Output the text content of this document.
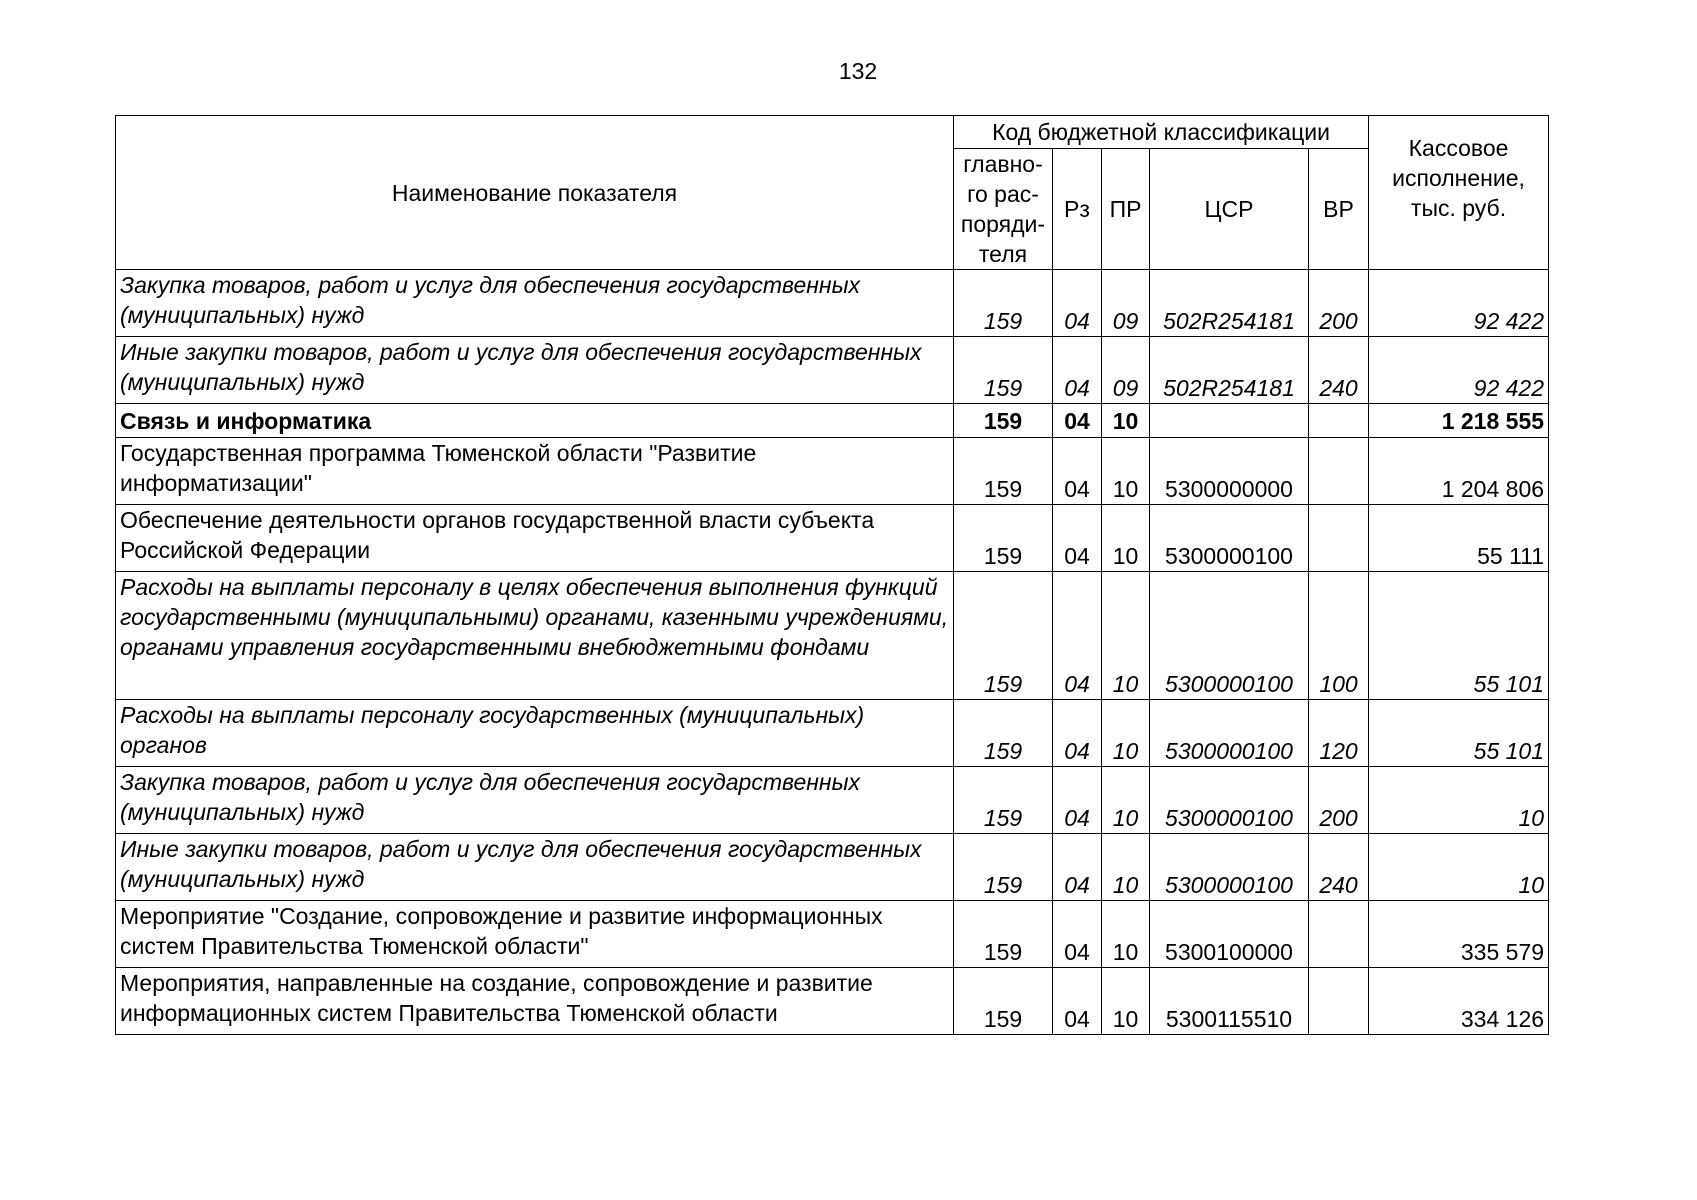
132
Наименование показателя	Код бюджетной классификации					Кассовое исполнение, тыс. руб.
	главно-го рас-поряди-теля	Рз	ПР	ЦСР	ВР	
Закупка товаров, работ и услуг для обеспечения государственных (муниципальных) нужд	159	04	09	502R254181	200	92 422
Иные закупки товаров, работ и услуг для обеспечения государственных (муниципальных) нужд	159	04	09	502R254181	240	92 422
Связь и информатика	159	04	10			1 218 555
Государственная программа Тюменской области "Развитие информатизации"	159	04	10	5300000000		1 204 806
Обеспечение деятельности органов государственной власти субъекта Российской Федерации	159	04	10	5300000100		55 111
Расходы на выплаты персоналу в целях обеспечения выполнения функций государственными (муниципальными) органами, казенными учреждениями, органами управления государственными внебюджетными фондами	159	04	10	5300000100	100	55 101
Расходы на выплаты персоналу государственных (муниципальных) органов	159	04	10	5300000100	120	55 101
Закупка товаров, работ и услуг для обеспечения государственных (муниципальных) нужд	159	04	10	5300000100	200	10
Иные закупки товаров, работ и услуг для обеспечения государственных (муниципальных) нужд	159	04	10	5300000100	240	10
Мероприятие "Создание, сопровождение и развитие информационных систем Правительства Тюменской области"	159	04	10	5300100000		335 579
Мероприятия, направленные на создание, сопровождение и развитие информационных систем Правительства Тюменской области	159	04	10	5300115510		334 126
